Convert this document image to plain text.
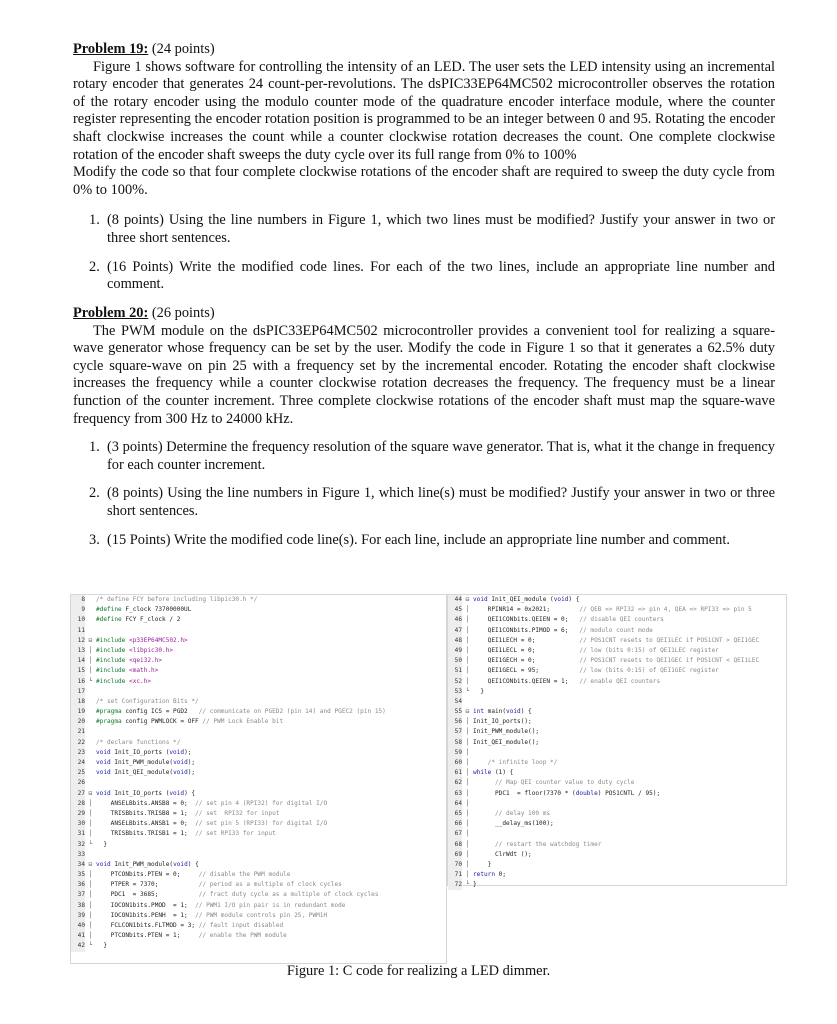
Problem 19: (24 points)
Figure 1 shows software for controlling the intensity of an LED. The user sets the LED intensity using an incremental rotary encoder that generates 24 count-per-revolutions. The dsPIC33EP64MC502 microcontroller observes the rotation of the rotary encoder using the modulo counter mode of the quadrature encoder interface module, where the counter register representing the encoder rotation position is programmed to be an integer between 0 and 95. Rotating the encoder shaft clockwise increases the count while a counter clockwise rotation decreases the count. One complete clockwise rotation of the encoder shaft sweeps the duty cycle over its full range from 0% to 100%
Modify the code so that four complete clockwise rotations of the encoder shaft are required to sweep the duty cycle from 0% to 100%.
1. (8 points) Using the line numbers in Figure 1, which two lines must be modified? Justify your answer in two or three short sentences.
2. (16 Points) Write the modified code lines. For each of the two lines, include an appropriate line number and comment.
Problem 20: (26 points)
The PWM module on the dsPIC33EP64MC502 microcontroller provides a convenient tool for realizing a square-wave generator whose frequency can be set by the user. Modify the code in Figure 1 so that it generates a 62.5% duty cycle square-wave on pin 25 with a frequency set by the incremental encoder. Rotating the encoder shaft clockwise increases the frequency while a counter clockwise rotation decreases the frequency. The frequency must be a linear function of the counter increment. Three complete clockwise rotations of the encoder shaft must map the square-wave frequency from 300 Hz to 24000 kHz.
1. (3 points) Determine the frequency resolution of the square wave generator. That is, what it the change in frequency for each counter increment.
2. (8 points) Using the line numbers in Figure 1, which line(s) must be modified? Justify your answer in two or three short sentences.
3. (15 Points) Write the modified code line(s). For each line, include an appropriate line number and comment.
8 /* define FCY before including libpic30.h */
9 #define F_clock 73700000UL
10 #define FCY F_clock / 2
11
12 ⊟ #include <p33EP64MC502.h>
13 │ #include <libpic30.h>
14 │ #include <qei32.h>
15 │ #include <math.h>
16 └ #include <xc.h>
17
18 /* set Configuration Bits */
19 #pragma config ICS = PGD2   // communicate on PGED2 (pin 14) and PGEC2 (pin 15)
20 #pragma config PWMLOCK = OFF // PWM Lock Enable bit
21
22 /* declare functions */
23 void Init_IO_ports (void);
24 void Init_PWM_module(void);
25 void Init_QEI_module(void);
26
27 ⊟ void Init_IO_ports (void) {
28 │ ANSELBbits.ANSB8 = 0;  // set pin 4 (RPI32) for digital I/O
29 │ TRISBbits.TRISB8 = 1;  // set  RPI32 for input
30 │ ANSELBbits.ANSB1 = 0;  // set pin 5 (RPI33) for digital I/O
31 │ TRISBbits.TRISB1 = 1;  // set RPI33 for input
32 └ }
33
34 ⊟ void Init_PWM_module(void) {
35 │ PTCONbits.PTEN = 0;     // disable the PWM module
36 │ PTPER = 7370;           // period as a multiple of clock cycles
37 │ PDC1  = 3685;           // fract duty cycle as a multiple of clock cycles
38 │ IOCON1bits.PMOD  = 1;  // PWM1 I/O pin pair is in redundant mode
39 │ IOCON1bits.PENH  = 1;  // PWM module controls pin 25, PWM1H
40 │ FCLCON1bits.FLTMOD = 3; // fault input disabled
41 │ PTCONbits.PTEN = 1;     // enable the PWM module
42 └ }
44 ⊟ void Init_QEI_module (void) {
45 │ RPINR14 = 0x2021;        // QEB => RPI32 => pin 4, QEA => RPI33 => pin 5
46 │ QEI1CONbits.QEIEN = 0;   // disable QEI counters
47 │ QEI1CONbits.PIMOD = 6;   // modulo count mode
48 │ QEI1LECH = 0;            // POS1CNT resets to QEI1LEC if POS1CNT > QEI1GEC
49 │ QEI1LECL = 0;            // low (bits 0:15) of QEI1LEC register
50 │ QEI1GECH = 0;            // POS1CNT resets to QEI1GEC if POS1CNT < QEI1LEC
51 │ QEI1GECL = 95;           // low (bits 0:15) of QEI1GEC register
52 │ QEI1CONbits.QEIEN = 1;   // enable QEI counters
53 └ }
54
55 ⊟ int main(void) {
56 │ Init_IO_ports();
57 │ Init_PWM_module();
58 │ Init_QEI_module();
59 │
60 │	/* infinite loop */
61 │ while (1) {
62 │	// Map QEI counter value to duty cycle
63 │ PDC1  = floor(7370 * (double) POS1CNTL / 95);
64 │
65 │	// delay 100 ms
66 │ __delay_ms(100);
67 │
68 │	// restart the watchdog timer
69 │ ClrWdt ();
70 │ }
71 │ return 0;
72 └ }
Figure 1: C code for realizing a LED dimmer.
